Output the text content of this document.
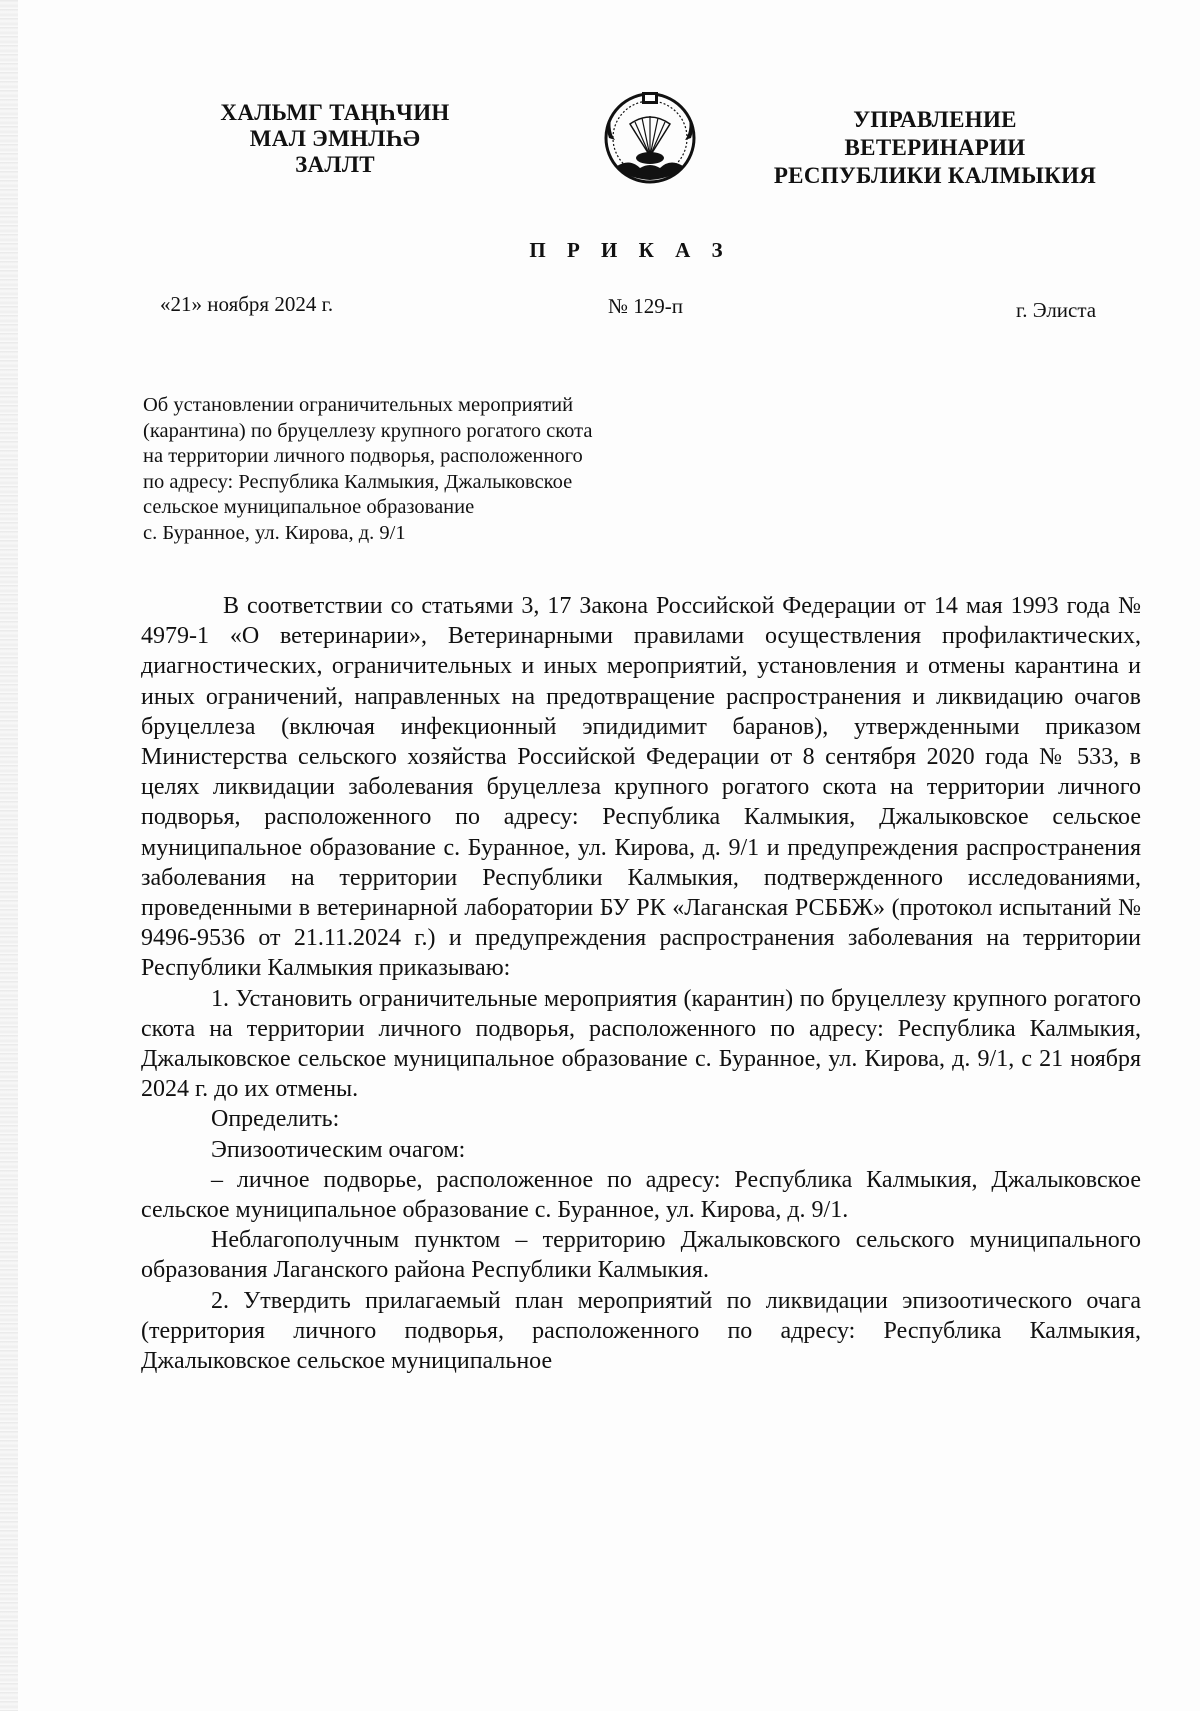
ХАЛЬМГ ТАҢҺЧИН
МАЛ ЭМНЛҺӘ
ЗАЛЛТ
УПРАВЛЕНИЕ
ВЕТЕРИНАРИИ
РЕСПУБЛИКИ КАЛМЫКИЯ
П Р И К А З
«21» ноября 2024 г.	№ 129-п	г. Элиста
Об установлении ограничительных мероприятий
(карантина) по бруцеллезу крупного рогатого скота
на территории личного подворья, расположенного
по адресу: Республика Калмыкия, Джалыковское
сельское муниципальное образование
с. Буранное, ул. Кирова, д. 9/1

В соответствии со статьями 3, 17 Закона Российской Федерации от 14 мая 1993 года № 4979-1 «О ветеринарии», Ветеринарными правилами осуществления профилактических, диагностических, ограничительных и иных мероприятий, установления и отмены карантина и иных ограничений, направленных на предотвращение распространения и ликвидацию очагов бруцеллеза (включая инфекционный эпидидимит баранов), утвержденными приказом Министерства сельского хозяйства Российской Федерации от 8 сентября 2020 года № 533, в целях ликвидации заболевания бруцеллеза крупного рогатого скота на территории личного подворья, расположенного по адресу: Республика Калмыкия, Джалыковское сельское муниципальное образование с. Буранное, ул. Кирова, д. 9/1 и предупреждения распространения заболевания на территории Республики Калмыкия, подтвержденного исследованиями, проведенными в ветеринарной лаборатории БУ РК «Лаганская РСББЖ» (протокол испытаний № 9496-9536 от 21.11.2024 г.) и предупреждения распространения заболевания на территории Республики Калмыкия приказываю:

1. Установить ограничительные мероприятия (карантин) по бруцеллезу крупного рогатого скота на территории личного подворья, расположенного по адресу: Республика Калмыкия, Джалыковское сельское муниципальное образование с. Буранное, ул. Кирова, д. 9/1, с 21 ноября 2024 г. до их отмены.

Определить:

Эпизоотическим очагом:

– личное подворье, расположенное по адресу: Республика Калмыкия, Джалыковское сельское муниципальное образование с. Буранное, ул. Кирова, д. 9/1.

Неблагополучным пунктом – территорию Джалыковского сельского муниципального образования Лаганского района Республики Калмыкия.

2. Утвердить прилагаемый план мероприятий по ликвидации эпизоотического очага (территория личного подворья, расположенного по адресу: Республика Калмыкия, Джалыковское сельское муниципальное
